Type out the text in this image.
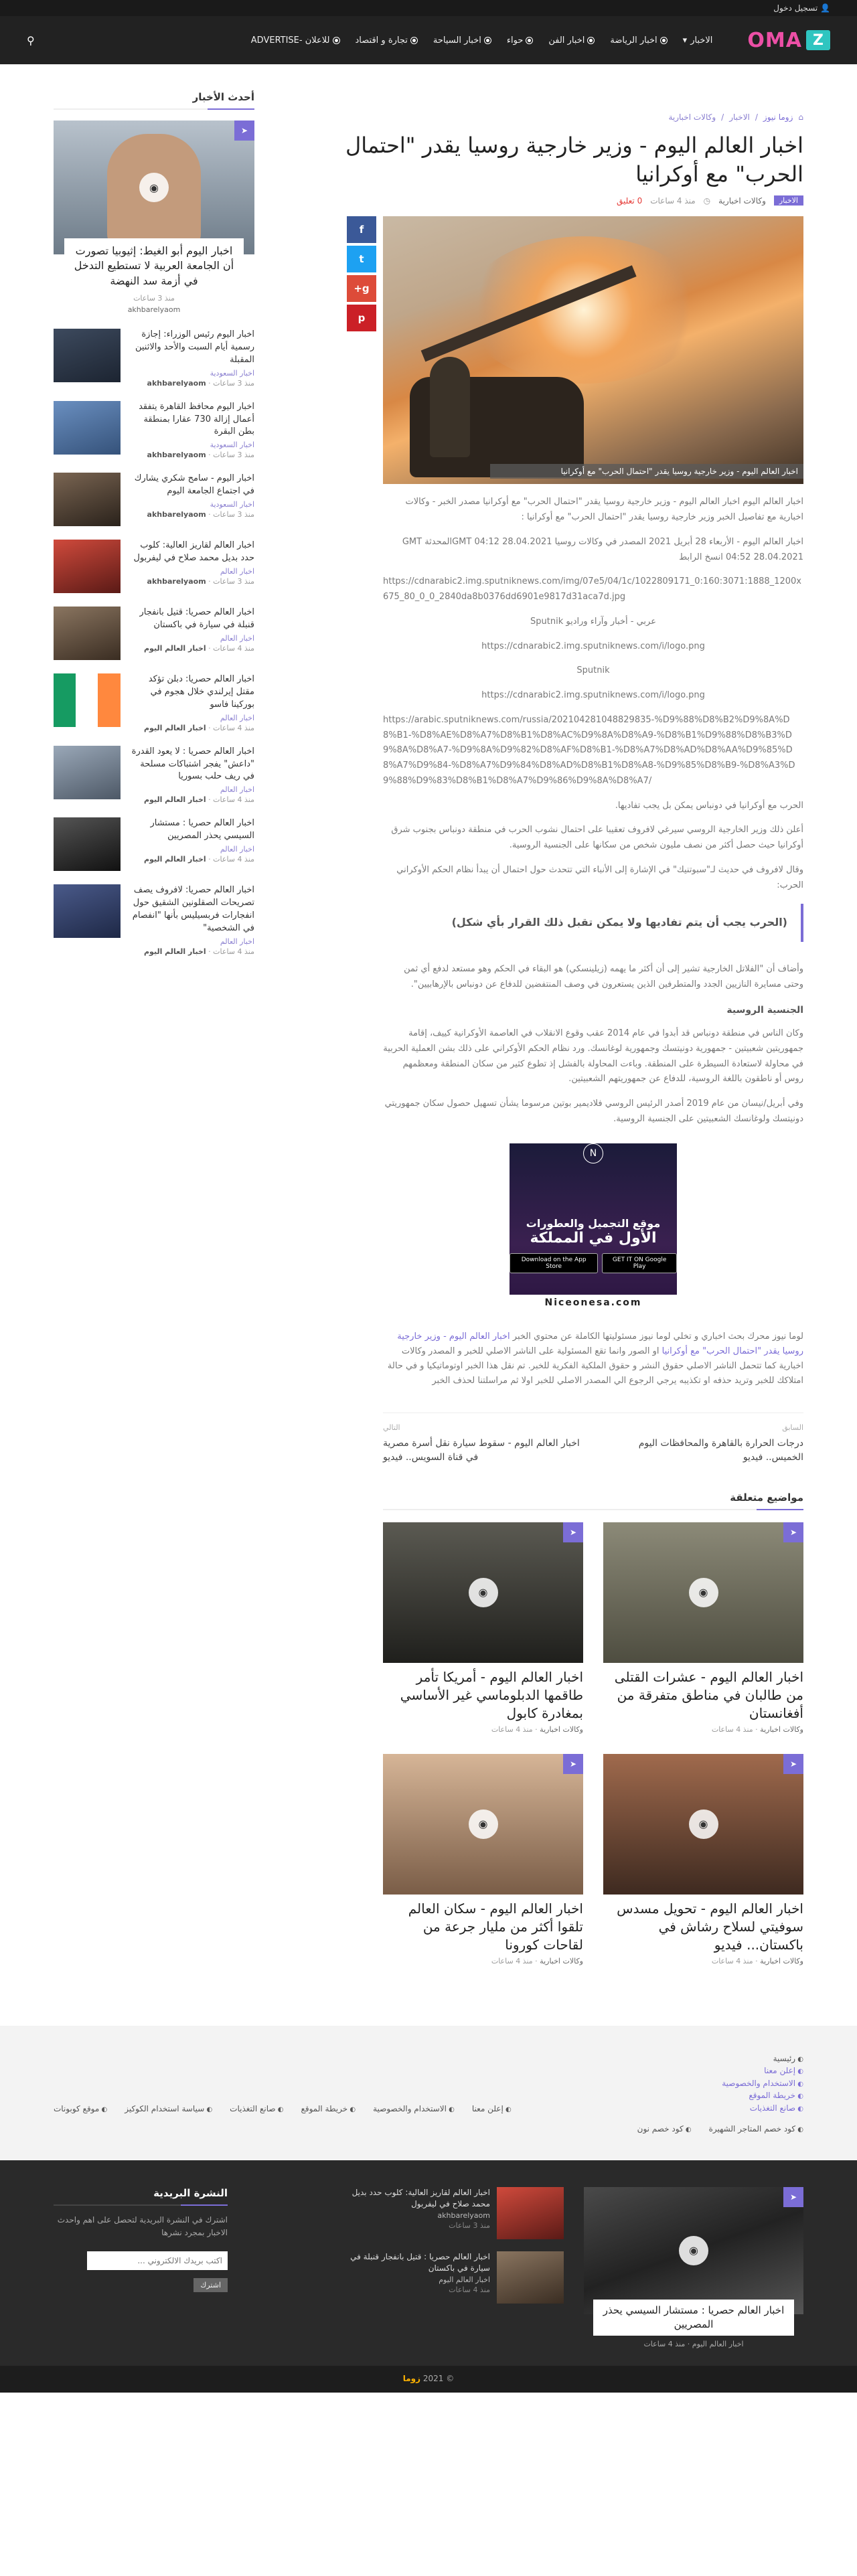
👤

تسجيل دخول
Z
OMA
الاخبار
▾
اخبار الرياضة
اخبار الفن
حواء
اخبار السياحة
تجارة و اقتصاد
للاعلان -ADVERTISE
⚲
⌂
زوما نيوز
/
الاخبار
/
وكالات اخبارية
اخبار العالم اليوم - وزير خارجية روسيا يقدر "احتمال الحرب" مع أوكرانيا
الاخبار
وكالات اخبارية
◷
منذ 4 ساعات
0 تعليق
اخبار العالم اليوم - وزير خارجية روسيا يقدر "احتمال الحرب" مع أوكرانيا

اخبار العالم اليوم اخبار العالم اليوم - وزير خارجية روسيا يقدر "احتمال الحرب" مع أوكرانيا مصدر الخبر - وكالات اخبارية مع تفاصيل الخبر وزير خارجية روسيا يقدر "احتمال الحرب" مع أوكرانيا :

اخبار العالم اليوم - الأربعاء 28 أبريل 2021 المصدر في وكالات روسيا GMT 04:12 28.04.2021المحدثة GMT 04:52 28.04.2021 انسخ الرابط

https://cdnarabic2.img.sputniknews.com/img/07e5/04/1c/1022809171_0:160:3071:1888_1200x675_80_0_0_2840da8b0376dd6901e9817d31aca7d.jpg

عربي - أخبار وآراء وراديو Sputnik

https://cdnarabic2.img.sputniknews.com/i/logo.png

Sputnik

https://cdnarabic2.img.sputniknews.com/i/logo.png

https://arabic.sputniknews.com/russia/202104281048829835-%D9%88%D8%B2%D9%8A%D8%B1-%D8%AE%D8%A7%D8%B1%D8%AC%D9%8A%D8%A9-%D8%B1%D9%88%D8%B3%D9%8A%D8%A7-%D9%8A%D9%82%D8%AF%D8%B1-%D8%A7%D8%AD%D8%AA%D9%85%D8%A7%D9%84-%D8%A7%D9%84%D8%AD%D8%B1%D8%A8-%D9%85%D8%B9-%D8%A3%D9%88%D9%83%D8%B1%D8%A7%D9%86%D9%8A%D8%A7/

الحرب مع أوكرانيا في دونباس يمكن بل يجب تفاديها.

أعلن ذلك وزير الخارجية الروسي سيرغي لافروف تعقيبا على احتمال نشوب الحرب في منطقة دونباس بجنوب شرق أوكرانيا حيث حصل أكثر من نصف مليون شخص من سكانها على الجنسية الروسية.

وقال لافروف في حديث لـ"سبوتنيك" في الإشارة إلى الأنباء التي تتحدث حول احتمال أن يبدأ نظام الحكم الأوكراني الحرب:

(الحرب يجب أن يتم تفاديها ولا يمكن تقبل ذلك القرار بأي شكل)

وأضاف أن "الفلاتل الخارجية تشير إلى أن أكثر ما يهمه (زيلينسكي) هو البقاء في الحكم وهو مستعد لدفع أي ثمن وحتى مسايرة النازيين الجدد والمتطرفين الذين يستعرون في وصف المنتفضين للدفاع عن دونباس بالإرهابيين".

الجنسية الروسية

وكان الناس في منطقة دونباس قد أبدوا في عام 2014 عقب وقوع الانقلاب في العاصمة الأوكرانية كييف، إقامة جمهوريتين شعبيتين - جمهورية دونيتسك وجمهورية لوغانسك. ورد نظام الحكم الأوكراني على ذلك بشن العملية الحربية في محاولة لاستعادة السيطرة على المنطقة. وباءت المحاولة بالفشل إذ تطوع كثير من سكان المنطقة ومعظمهم روس أو ناطقون باللغة الروسية، للدفاع عن جمهوريتهم الشعبيتين.

وفي أبريل/نيسان من عام 2019 أصدر الرئيس الروسي فلاديمير بوتين مرسوما يشأن تسهيل حصول سكان جمهوريتي دونيتسك ولوغانسك الشعبيتين على الجنسية الروسية.

N
موقع التجميل والعطورات
الأول في المملكة
GET IT ON Google Play
Download on the App Store
Niceonesa.com
لوما نيوز محرك بحث اخباري و تخلي لوما نيوز مسئوليتها الكاملة عن محتوي الخبر اخبار العالم اليوم - وزير خارجية روسيا يقدر "احتمال الحرب" مع أوكرانيا او الصور وانما تقع المسئولية على الناشر الاصلي للخبر و المصدر وكالات اخبارية كما تتحمل الناشر الاصلي حقوق النشر و حقوق الملكية الفكرية للخبر. تم نقل هذا الخبر اوتوماتيكيا و في حالة امتلاكك للخبر وتريد حذفه او تكذيبه يرجي الرجوع الي المصدر الاصلي للخبر اولا ثم مراسلتنا لحذف الخبر
السابق
درجات الحرارة بالقاهرة والمحافظات اليوم الخميس.. فيديو
التالي
اخبار العالم اليوم - سقوط سيارة نقل أسرة مصرية في قناة السويس.. فيديو
مواضيع متعلقة
➤
◉
اخبار العالم اليوم - عشرات القتلى من طالبان في مناطق متفرقة من أفغانستان
وكالات اخبارية · منذ 4 ساعات
➤
◉
اخبار العالم اليوم - أمريكا تأمر طاقمها الدبلوماسي غير الأساسي بمغادرة كابول
وكالات اخبارية · منذ 4 ساعات
➤
◉
اخبار العالم اليوم - تحويل مسدس سوفيتي لسلاح رشاش في باكستان... فيديو
وكالات اخبارية · منذ 4 ساعات
➤
◉
اخبار العالم اليوم - سكان العالم تلقوا أكثر من مليار جرعة من لقاحات كورونا
وكالات اخبارية · منذ 4 ساعات
f
t
g+
p
أحدث الأخبار
➤
◉
اخبار اليوم أبو الغيط: إثيوبيا تصورت أن الجامعة العربية لا تستطيع التدخل في أزمة سد النهضة
منذ 3 ساعات
akhbarelyaom
اخبار اليوم رئيس الوزراء: إجازة رسمية أيام السبت والأحد والاثنين المقبلة
اخبار السعودية
منذ 3 ساعات · akhbarelyaom
اخبار اليوم محافظ القاهرة يتفقد أعمال إزالة 730 عقارا بمنطقة بطن البقرة
اخبار السعودية
منذ 3 ساعات · akhbarelyaom
اخبار اليوم - سامح شكري يشارك في اجتماع الجامعة اليوم
اخبار السعودية
منذ 3 ساعات · akhbarelyaom
اخبار العالم لقاريز العالية: كلوب حدد بديل محمد صلاح في ليفربول
اخبار العالم
منذ 3 ساعات · akhbarelyaom
اخبار العالم حصريا: قتيل بانفجار قنبلة في سيارة في باكستان
اخبار العالم
منذ 4 ساعات · اخبار العالم اليوم
اخبار العالم حصريا: دبلن تؤكد مقتل إيرلندي خلال هجوم في بوركينا فاسو
اخبار العالم
منذ 4 ساعات · اخبار العالم اليوم
اخبار العالم حصريا : لا يعود القدرة "داعش" يفجر اشتباكات مسلحة في ريف حلب بسوريا
اخبار العالم
منذ 4 ساعات · اخبار العالم اليوم
اخبار العالم حصريا : مستشار السيسي يحذر المصريين
اخبار العالم
منذ 4 ساعات · اخبار العالم اليوم
اخبار العالم حصريا: لافروف يصف تصريحات الصقلونين الشقيق حول انفجارات فربسيليس بأنها "انفصام في الشخصية"
اخبار العالم
منذ 4 ساعات · اخبار العالم اليوم
◐ رئيسية
◐ إعلن معنا
◐ الاستخدام والخصوصية
◐ خريطة الموقع
◐ صانع التغذيات
◐ كود خصم المتاجر الشهيرة
◐ كود خصم نون
◐ إعلن معنا
◐ الاستخدام والخصوصية
◐ خريطة الموقع
◐ صانع التغذيات
◐ سياسة استخدام الكوكيز
◐ موقع كوبونات
➤
◉
اخبار العالم حصريا : مستشار السيسي يحذر المصريين
اخبار العالم اليوم · منذ 4 ساعات
اخبار العالم لقاريز العالية: كلوب حدد بديل محمد صلاح في ليفربول
akhbarelyaom
منذ 3 ساعات
اخبار العالم حصريا : قتيل بانفجار قنبلة في سيارة في باكستان
اخبار العالم اليوم
منذ 4 ساعات
النشرة البريدية

اشترك في النشرة البريدية لتحصل على اهم واحدث الاخبار بمجرد نشرها

اكتب بريدك الالكتروني ...
اشترك
© 2021 زوما
